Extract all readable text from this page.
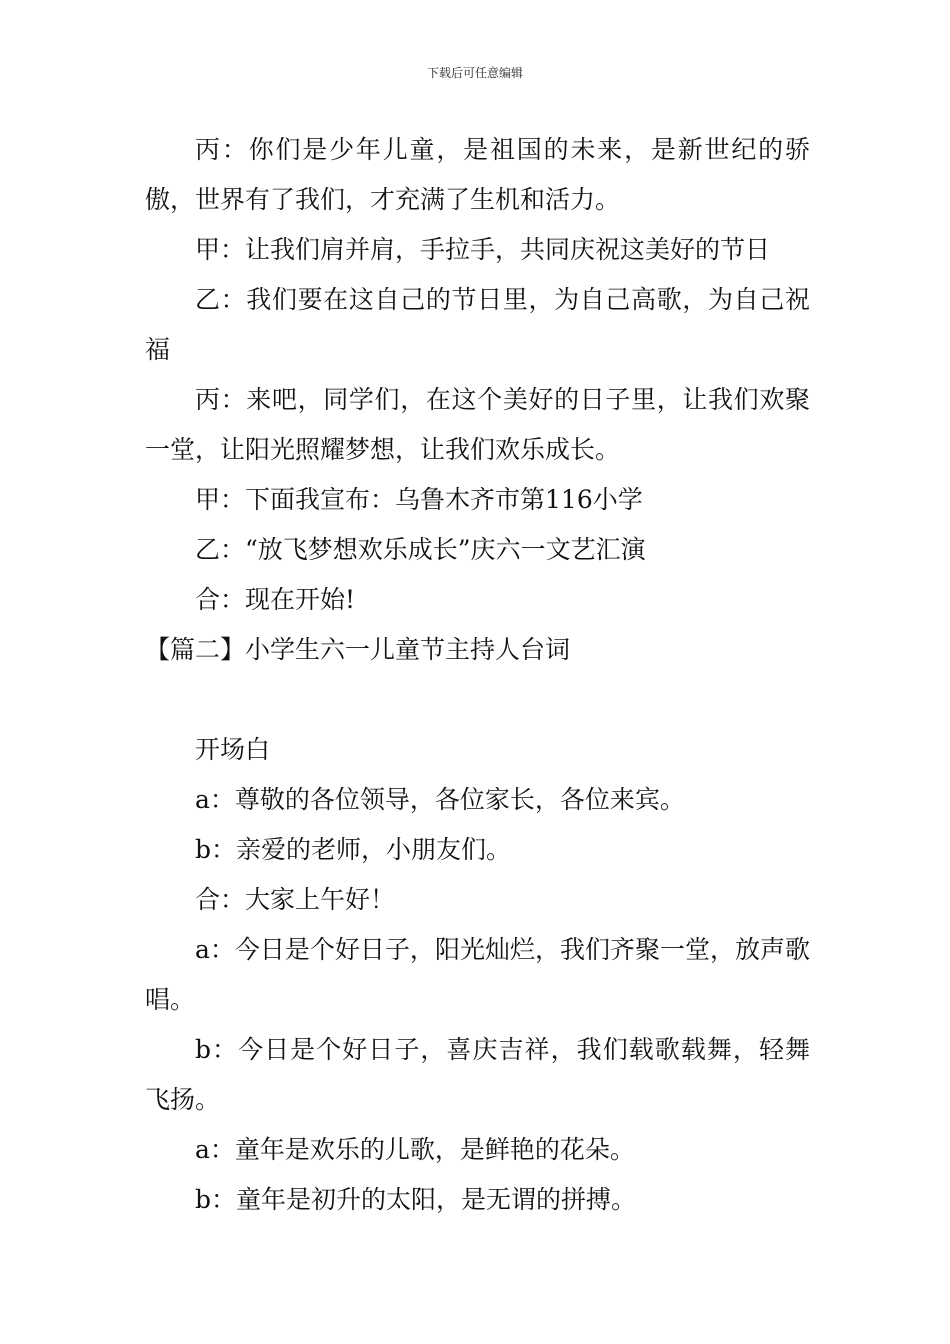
下载后可任意编辑

丙：你们是少年儿童，是祖国的未来，是新世纪的骄傲，世界有了我们，才充满了生机和活力。

甲：让我们肩并肩，手拉手，共同庆祝这美好的节日

乙：我们要在这自己的节日里，为自己高歌，为自己祝福

丙：来吧，同学们，在这个美好的日子里，让我们欢聚一堂，让阳光照耀梦想，让我们欢乐成长。

甲：下面我宣布：乌鲁木齐市第116小学

乙：“放飞梦想欢乐成长”庆六一文艺汇演

合：现在开始!

【篇二】小学生六一儿童节主持人台词

开场白

a：尊敬的各位领导，各位家长，各位来宾。

b：亲爱的老师，小朋友们。

合：大家上午好！

a：今日是个好日子，阳光灿烂，我们齐聚一堂，放声歌唱。

b：今日是个好日子，喜庆吉祥，我们载歌载舞，轻舞飞扬。

a：童年是欢乐的儿歌，是鲜艳的花朵。

b：童年是初升的太阳，是无谓的拼搏。
